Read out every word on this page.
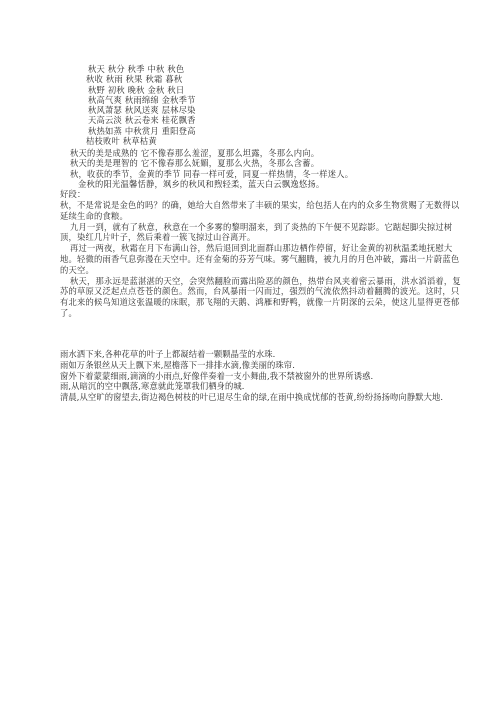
秋天 秋分 秋季 中秋 秋色
秋收 秋雨 秋果 秋霜 暮秋
秋野 初秋 晚秋 金秋 秋日
秋高气爽 秋雨绵绵 金秋季节
秋风萧瑟 秋风送爽 层林尽染
天高云淡 秋云卷来 桂花飘香
秋热如蒸 中秋赏月 重阳登高
桔枝败叶 秋草枯黄
秋天的美是成熟的 它不像春那么羞涩，夏那么坦露，冬那么内向。
秋天的美是理智的 它不像春那么妩媚，夏那么火热，冬那么含蓄。
秋，收获的季节，金黄的季节 同春一样可爱，同夏一样热情，冬一样迷人。
金秋的阳光温馨恬静，飒乡的秋风和煦轻柔，蓝天白云飘逸悠扬。
好段：

秋，不是常说是金色的吗？的确，她给大自然带来了丰硕的果实，给包括人在内的众多生物赏赐了无数得以延续生命的食粮。

九月一到，就有了秋意，秋意在一个多雾的黎明溜来，到了炎热的下午便不见踪影。它踮起脚尖掠过树顶，染红几片叶子，然后乘着一簇飞掠过山谷离开。

再过一两夜，秋霜在月下布满山谷，然后退回到北面群山那边栖作停留，好让金黄的初秋温柔地抚慰大地。轻微的雨香气息弥漫在天空中。还有金菊的芬芳气味。雾气翻腾，被九月的月色冲破，露出一片蔚蓝色的天空。

秋天，那永远是蓝湛湛的天空，会突然翻脸而露出险恶的颜色，热带台风夹着密云暴雨，洪水滔滔着，复苏的草原又泛起点点苍苍的颜色。然而，台风暴雨一闪而过，强烈的气流依然抖动着翻腾的波光。这时，只有北来的候鸟知道这张温暖的床眠，那飞翔的天鹅、鸿雁和野鸭，就像一片阴深的云朵，使这儿显得更苍郁了。

雨水洒下来,各种花草的叶子上都凝结着一颗颗晶莹的水珠.

雨如万条银丝从天上飘下来,屋檐落下一排排水滴,像美丽的珠帘.

窗外下着蒙蒙细雨,滴滴的小雨点,好像伴奏着一支小舞曲,我不禁被窗外的世界所诱惑.

雨,从暗沉的空中飘落,寒意就此笼罩我们栖身的城.

清晨,从空旷的窗望去,街边褐色树枝的叶已退尽生命的绿,在雨中换成忧郁的苍黄,纷纷扬扬吻向静默大地.
